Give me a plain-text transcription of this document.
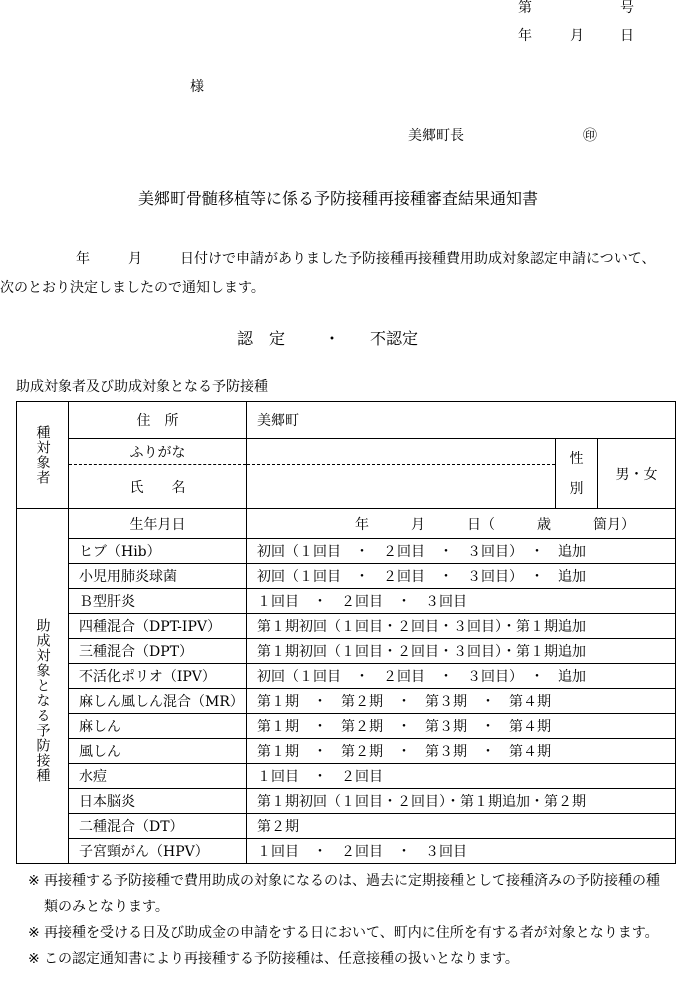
第	号
年	月	日
様
美郷町長	㊞
美郷町骨髄移植等に係る予防接種再接種審査結果通知書
年	月	日付けで申請がありました予防接種再接種費用助成対象認定申請について、
次のとおり決定しましたので通知します。
認　定 ・ 不認定
助成対象者及び助成対象となる予防接種
種対象者	住　所	美郷町		
	ふりがな		性別	男・女
	氏　　名			
	生年月日	年　　　月　　　日（　　　歳　　　箇月）		
助成対象となる予防接種	ヒブ（Hib）	初回（１回目　・　２回目　・　３回目）　・　追加		
	小児用肺炎球菌	初回（１回目　・　２回目　・　３回目）　・　追加		
	Ｂ型肝炎	１回目　・　２回目　・　３回目		
	四種混合（DPT-IPV）	第１期初回（１回目・２回目・３回目）・第１期追加		
	三種混合（DPT）	第１期初回（１回目・２回目・３回目）・第１期追加		
	不活化ポリオ（IPV）	初回（１回目　・　２回目　・　３回目）　・　追加		
	麻しん風しん混合（MR）	第１期　・　第２期　・　第３期　・　第４期		
	麻しん	第１期　・　第２期　・　第３期　・　第４期		
	風しん	第１期　・　第２期　・　第３期　・　第４期		
	水痘	１回目　・　２回目		
	日本脳炎	第１期初回（１回目・２回目）・第１期追加・第２期		
	二種混合（DT）	第２期		
	子宮頸がん（HPV）	１回目　・　２回目　・　３回目		
※ 再接種する予防接種で費用助成の対象になるのは、過去に定期接種として接種済みの予防接種の種類のみとなります。
※ 再接種を受ける日及び助成金の申請をする日において、町内に住所を有する者が対象となります。
※ この認定通知書により再接種する予防接種は、任意接種の扱いとなります。
